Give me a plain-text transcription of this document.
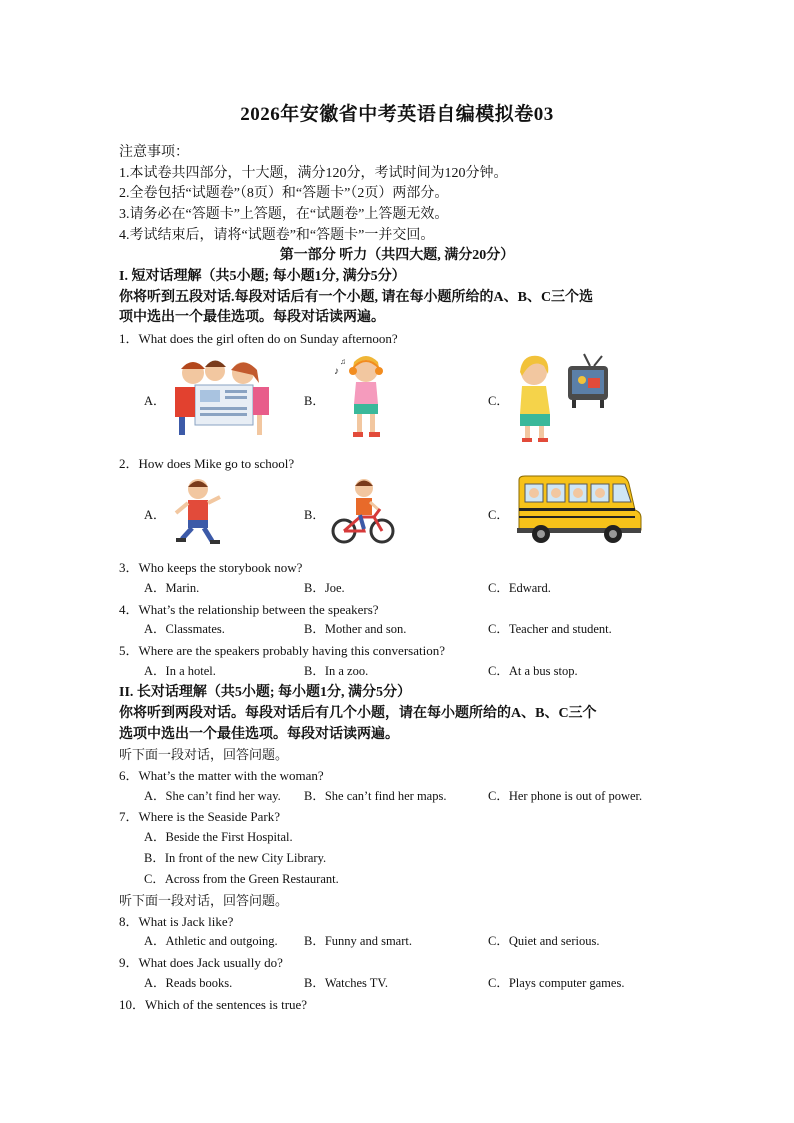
2026年安徽省中考英语自编模拟卷03
注意事项：
1.本试卷共四部分，十大题，满分120分，考试时间为120分钟。
2.全卷包括“试题卷”（8页）和“答题卡”（2页）两部分。
3.请务必在“答题卡”上答题，在“试题卷”上答题无效。
4.考试结束后，请将“试题卷”和“答题卡”一并交回。
第一部分 听力（共四大题, 满分20分）
I. 短对话理解（共5小题; 每小题1分, 满分5分）
你将听到五段对话.每段对话后有一个小题, 请在每小题所给的A、B、C三个选
项中选出一个最佳选项。每段对话读两遍。
1．What does the girl often do on Sunday afternoon?
A．	B．	C．
♪
♫
2．How does Mike go to school?
A．	B．	C．
3．Who keeps the storybook now?
A．Marin.	B．Joe.	C．Edward.
4．What’s the relationship between the speakers?
A．Classmates.	B．Mother and son.	C．Teacher and student.
5．Where are the speakers probably having this conversation?
A．In a hotel.	B．In a zoo.	C．At a bus stop.
II. 长对话理解（共5小题; 每小题1分, 满分5分）
你将听到两段对话。每段对话后有几个小题，请在每小题所给的A、B、C三个
选项中选出一个最佳选项。每段对话读两遍。
听下面一段对话，回答问题。
6．What’s the matter with the woman?
A．She can’t find her way. B．She can’t find her maps.	C．Her phone is out of power.
7．Where is the Seaside Park?
A．Beside the First Hospital.
B．In front of the new City Library.
C．Across from the Green Restaurant.
听下面一段对话，回答问题。
8．What is Jack like?
A．Athletic and outgoing. B．Funny and smart.	C．Quiet and serious.
9．What does Jack usually do?
A．Reads books.	B．Watches TV.	C．Plays computer games.
10．Which of the sentences is true?
